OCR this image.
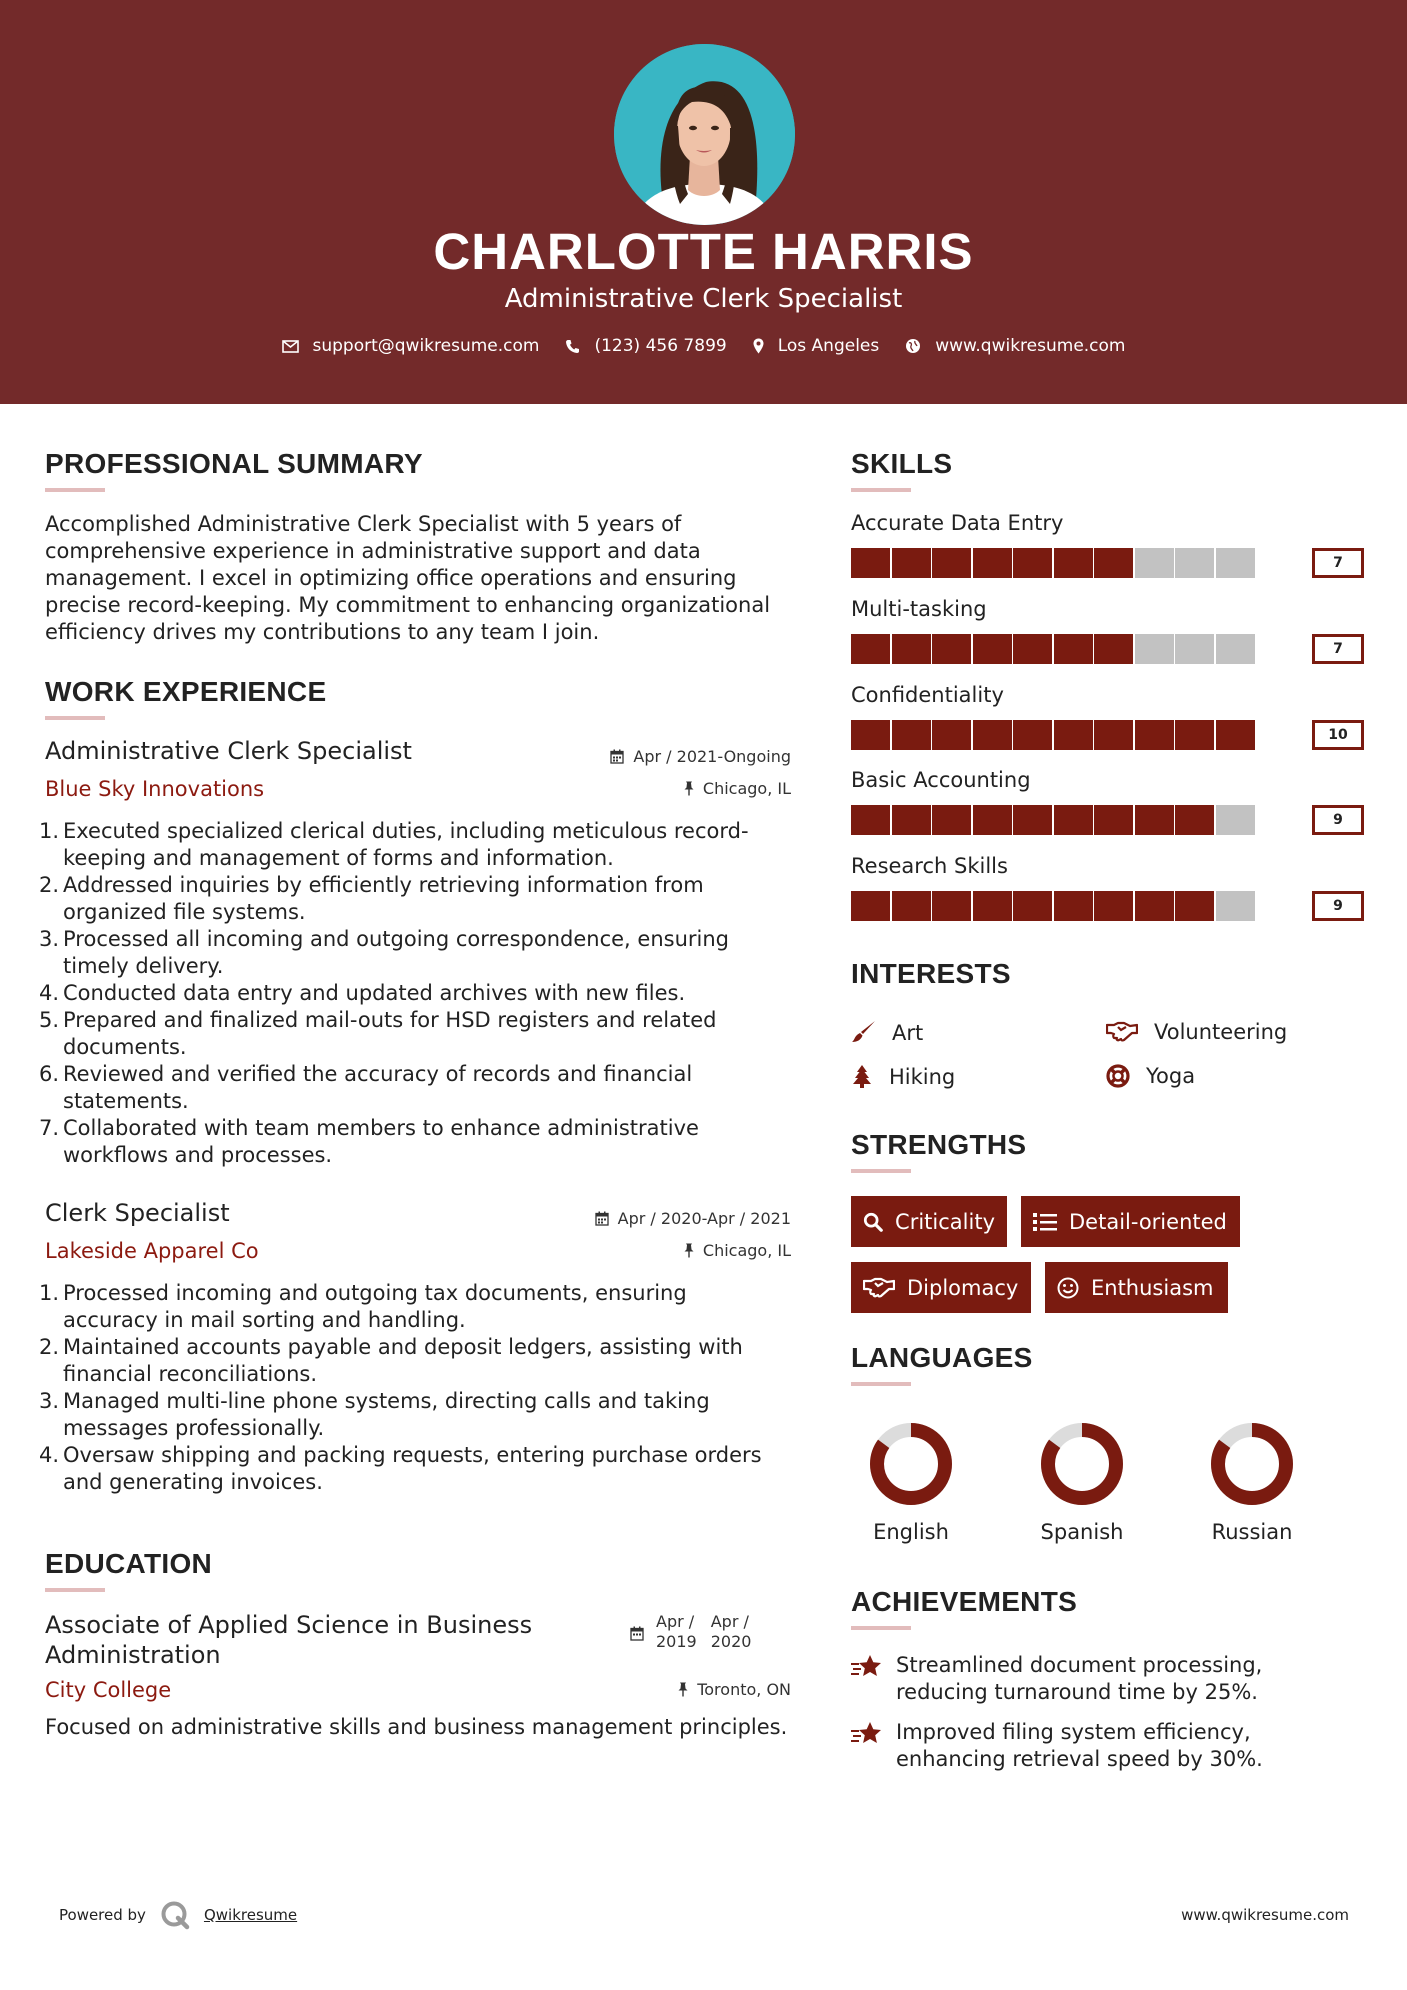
CHARLOTTE HARRIS
Administrative Clerk Specialist
support@qwikresume.com	(123) 456 7899	Los Angeles	www.qwikresume.com
PROFESSIONAL SUMMARY
Accomplished Administrative Clerk Specialist with 5 years of comprehensive experience in administrative support and data management. I excel in optimizing office operations and ensuring precise record-keeping. My commitment to enhancing organizational efficiency drives my contributions to any team I join.
WORK EXPERIENCE
Administrative Clerk Specialist	Apr / 2021-Ongoing
Blue Sky Innovations	Chicago, IL
Executed specialized clerical duties, including meticulous record-keeping and management of forms and information.
Addressed inquiries by efficiently retrieving information from organized file systems.
Processed all incoming and outgoing correspondence, ensuring timely delivery.
Conducted data entry and updated archives with new files.
Prepared and finalized mail-outs for HSD registers and related documents.
Reviewed and verified the accuracy of records and financial statements.
Collaborated with team members to enhance administrative workflows and processes.
Clerk Specialist	Apr / 2020-Apr / 2021
Lakeside Apparel Co	Chicago, IL
Processed incoming and outgoing tax documents, ensuring accuracy in mail sorting and handling.
Maintained accounts payable and deposit ledgers, assisting with financial reconciliations.
Managed multi-line phone systems, directing calls and taking messages professionally.
Oversaw shipping and packing requests, entering purchase orders and generating invoices.
EDUCATION
Associate of Applied Science in Business Administration
Apr /
2019
Apr /
2020
City College	Toronto, ON
Focused on administrative skills and business management principles.
SKILLS
Accurate Data Entry
7
Multi-tasking
7
Confidentiality
10
Basic Accounting
9
Research Skills
9
INTERESTS
Art	Volunteering
Hiking	Yoga
STRENGTHS
Criticality	Detail-oriented
Diplomacy	Enthusiasm
LANGUAGES
English	Spanish	Russian
ACHIEVEMENTS
Streamlined document processing, reducing turnaround time by 25%.
Improved filing system efficiency, enhancing retrieval speed by 30%.
Powered by	Qwikresume	www.qwikresume.com
